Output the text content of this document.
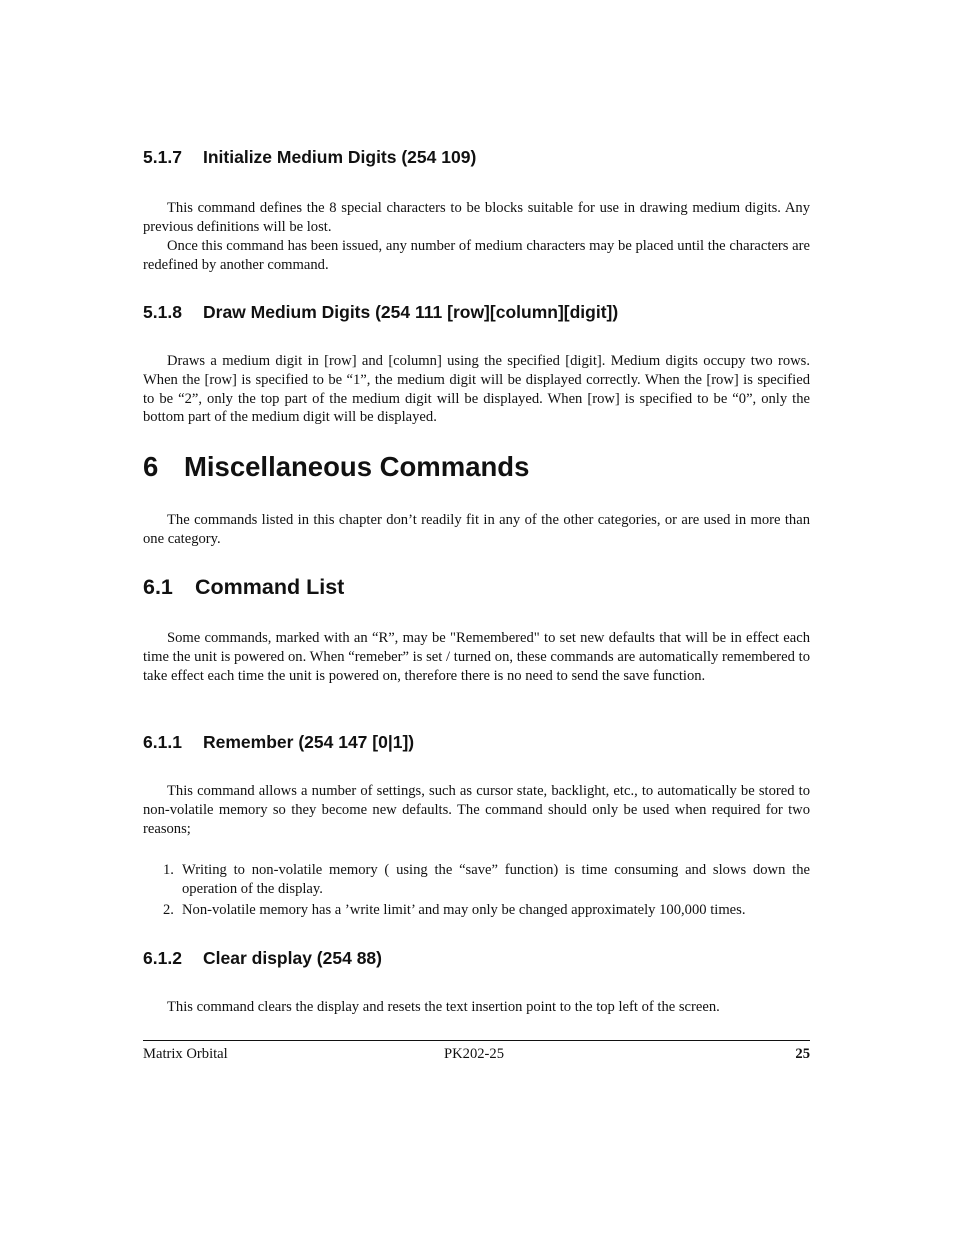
5.1.7 Initialize Medium Digits (254 109)

This command defines the 8 special characters to be blocks suitable for use in drawing medium digits. Any previous definitions will be lost.

Once this command has been issued, any number of medium characters may be placed until the characters are redefined by another command.

5.1.8 Draw Medium Digits (254 111 [row][column][digit])

Draws a medium digit in [row] and [column] using the specified [digit]. Medium digits occupy two rows. When the [row] is specified to be “1”, the medium digit will be displayed correctly. When the [row] is specified to be “2”, only the top part of the medium digit will be displayed. When [row] is specified to be “0”, only the bottom part of the medium digit will be displayed.

6 Miscellaneous Commands

The commands listed in this chapter don’t readily fit in any of the other categories, or are used in more than one category.

6.1 Command List

Some commands, marked with an “R”, may be "Remembered" to set new defaults that will be in effect each time the unit is powered on. When “remeber” is set / turned on, these commands are automatically remembered to take effect each time the unit is powered on, therefore there is no need to send the save function.

6.1.1 Remember (254 147 [0|1])

This command allows a number of settings, such as cursor state, backlight, etc., to automatically be stored to non-volatile memory so they become new defaults. The command should only be used when required for two reasons;

1. Writing to non-volatile memory ( using the “save” function) is time consuming and slows down the operation of the display.
2. Non-volatile memory has a ’write limit’ and may only be changed approximately 100,000 times.
6.1.2 Clear display (254 88)

This command clears the display and resets the text insertion point to the top left of the screen.

Matrix Orbital	PK202-25	25
